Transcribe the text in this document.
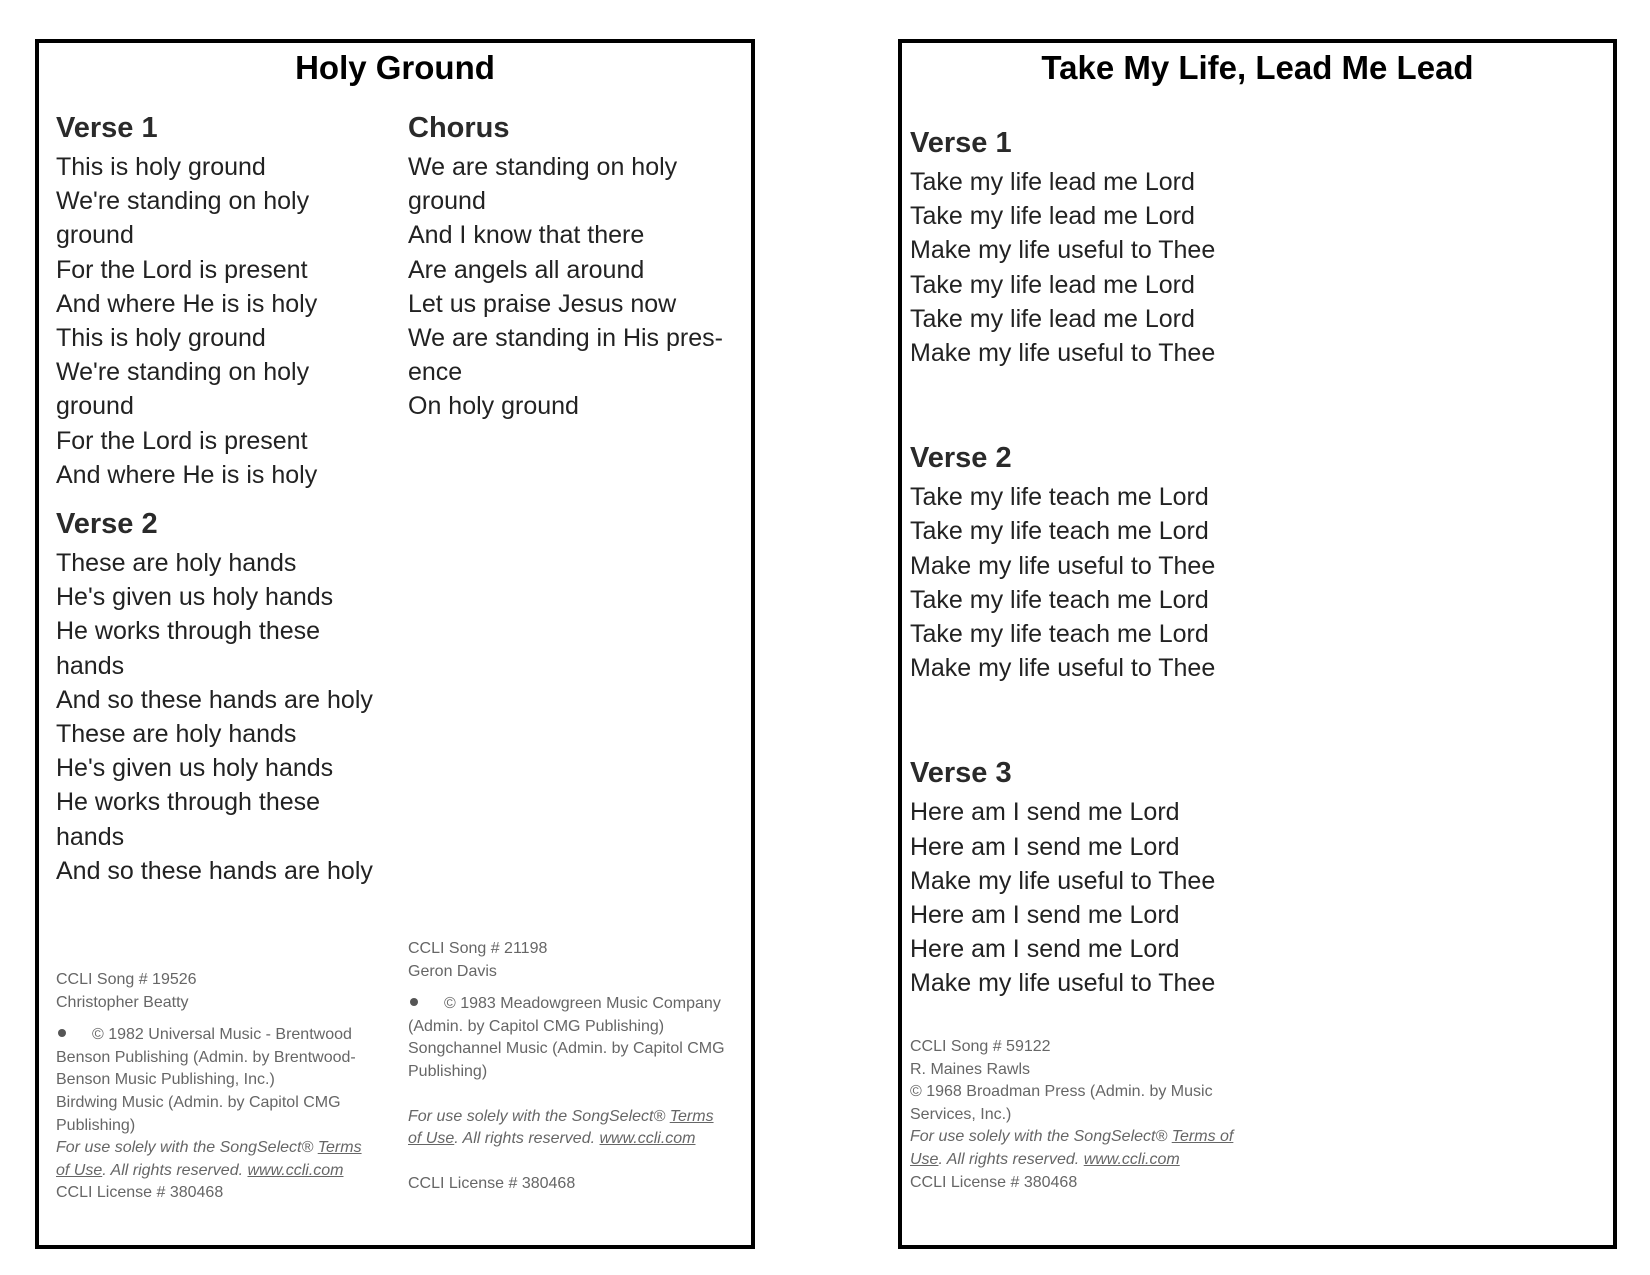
Holy Ground
Verse 1
This is holy ground
We're standing on holy
ground
For the Lord is present
And where He is is holy
This is holy ground
We're standing on holy
ground
For the Lord is present
And where He is is holy
Verse 2
These are holy hands
He's given us holy hands
He works through these
hands
And so these hands are holy
These are holy hands
He's given us holy hands
He works through these
hands
And so these hands are holy
Chorus
We are standing on holy
ground
And I know that there
Are angels all around
Let us praise Jesus now
We are standing in His pres-
ence
On holy ground
CCLI Song # 19526
Christopher Beatty
© 1982 Universal Music - Brentwood
Benson Publishing (Admin. by Brentwood-
Benson Music Publishing, Inc.)
Birdwing Music (Admin. by Capitol CMG
Publishing)
For use solely with the SongSelect® Terms
of Use. All rights reserved. www.ccli.com
CCLI License # 380468
CCLI Song # 21198
Geron Davis
© 1983 Meadowgreen Music Company
(Admin. by Capitol CMG Publishing)
Songchannel Music (Admin. by Capitol CMG
Publishing)
For use solely with the SongSelect® Terms
of Use. All rights reserved. www.ccli.com
CCLI License # 380468
Take My Life, Lead Me Lead
Verse 1
Take my life lead me Lord
Take my life lead me Lord
Make my life useful to Thee
Take my life lead me Lord
Take my life lead me Lord
Make my life useful to Thee
Verse 2
Take my life teach me Lord
Take my life teach me Lord
Make my life useful to Thee
Take my life teach me Lord
Take my life teach me Lord
Make my life useful to Thee
Verse 3
Here am I send me Lord
Here am I send me Lord
Make my life useful to Thee
Here am I send me Lord
Here am I send me Lord
Make my life useful to Thee
CCLI Song # 59122
R. Maines Rawls
© 1968 Broadman Press (Admin. by Music
Services, Inc.)
For use solely with the SongSelect® Terms of
Use. All rights reserved. www.ccli.com
CCLI License # 380468
